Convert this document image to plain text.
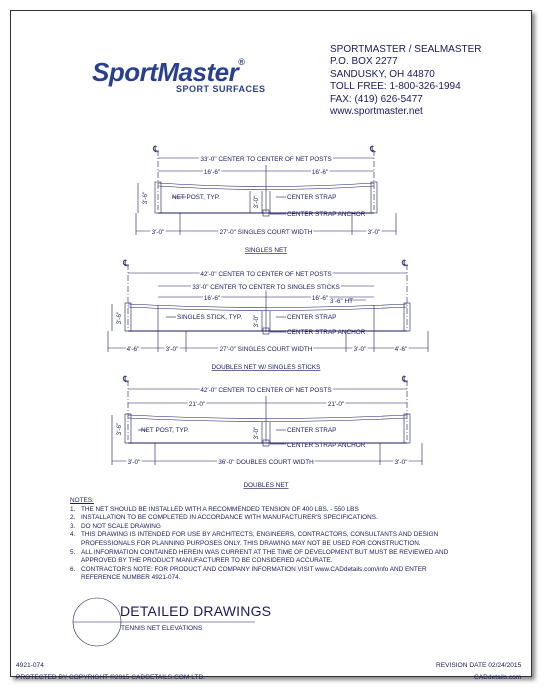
SportMaster®
SPORT SURFACES
SPORTMASTER / SEALMASTER
P.O. BOX 2277
SANDUSKY, OH 44870
TOLL FREE: 1-800-326-1994
FAX: (419) 626-5477
www.sportmaster.net
℄	℄
33'-0" CENTER TO CENTER OF NET POSTS
16'-6"	16'-6"
3'-6"	3'-0"
NET POST, TYP.	CENTER STRAP
CENTER STRAP ANCHOR
3'-0"	27'-0" SINGLES COURT WIDTH	3'-0"
SINGLES NET
℄	℄
42'-0" CENTER TO CENTER OF NET POSTS
33'-0" CENTER TO CENTER TO SINGLES STICKS
16'-6"	16'-6" 3'-6" HT
3'-6"	3'-0"
SINGLES STICK, TYP.	CENTER STRAP
CENTER STRAP ANCHOR
4'-6"	3'-0"	27'-0" SINGLES COURT WIDTH	3'-0"	4'-6"
DOUBLES NET W/ SINGLES STICKS
℄	℄
42'-0" CENTER TO CENTER OF NET POSTS
21'-0"	21'-0"
3'-6"	3'-0"
NET POST, TYP.	CENTER STRAP
CENTER STRAP ANCHOR
3'-0"	36'-0" DOUBLES COURT WIDTH	3'-0"
DOUBLES NET
NOTES:
1. THE NET SHOULD BE INSTALLED WITH A RECOMMENDED TENSION OF 400 LBS. - 550 LBS
2. INSTALLATION TO BE COMPLETED IN ACCORDANCE WITH MANUFACTURER'S SPECIFICATIONS.
3. DO NOT SCALE DRAWING
4. THIS DRAWING IS INTENDED FOR USE BY ARCHITECTS, ENGINEERS, CONTRACTORS, CONSULTANTS AND DESIGN
PROFESSIONALS FOR PLANNING PURPOSES ONLY. THIS DRAWING MAY NOT BE USED FOR CONSTRUCTION.
5. ALL INFORMATION CONTAINED HEREIN WAS CURRENT AT THE TIME OF DEVELOPMENT BUT MUST BE REVIEWED AND
APPROVED BY THE PRODUCT MANUFACTURER TO BE CONSIDERED ACCURATE.
6. CONTRACTOR'S NOTE: FOR PRODUCT AND COMPANY INFORMATION VISIT www.CADdetails.com/info AND ENTER
REFERENCE NUMBER 4921-074.
DETAILED DRAWINGS
TENNIS NET ELEVATIONS
4921-074	REVISION DATE 02/24/2015
PROTECTED BY COPYRIGHT ©2015 CADDETAILS.COM LTD.	CADdetails.com
